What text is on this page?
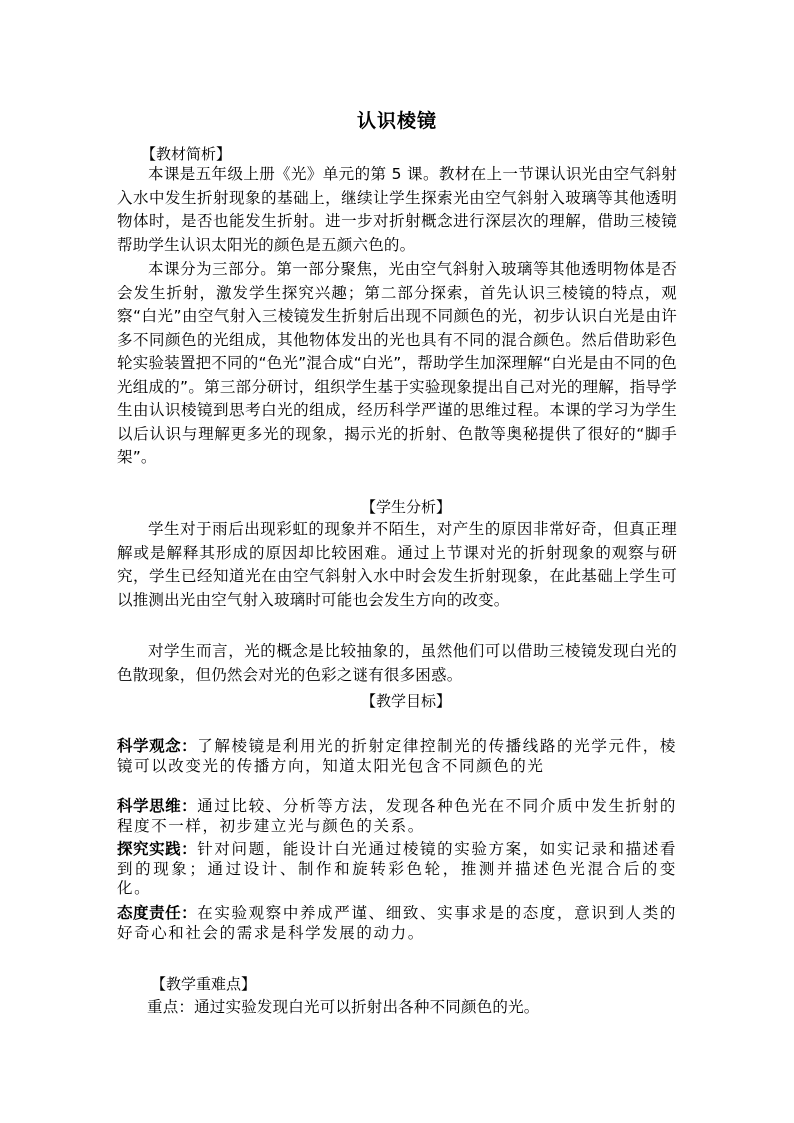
认识棱镜
【教材简析】
本课是五年级上册《光》单元的第 5 课。教材在上一节课认识光由空气斜射入水中发生折射现象的基础上，继续让学生探索光由空气斜射入玻璃等其他透明物体时，是否也能发生折射。进一步对折射概念进行深层次的理解，借助三棱镜帮助学生认识太阳光的颜色是五颜六色的。
本课分为三部分。第一部分聚焦，光由空气斜射入玻璃等其他透明物体是否会发生折射，激发学生探究兴趣；第二部分探索，首先认识三棱镜的特点，观察“白光”由空气射入三棱镜发生折射后出现不同颜色的光，初步认识白光是由许多不同颜色的光组成，其他物体发出的光也具有不同的混合颜色。然后借助彩色轮实验装置把不同的“色光”混合成“白光”，帮助学生加深理解“白光是由不同的色光组成的”。第三部分研讨，组织学生基于实验现象提出自己对光的理解，指导学生由认识棱镜到思考白光的组成，经历科学严谨的思维过程。本课的学习为学生以后认识与理解更多光的现象，揭示光的折射、色散等奥秘提供了很好的“脚手架”。
【学生分析】
学生对于雨后出现彩虹的现象并不陌生，对产生的原因非常好奇，但真正理解或是解释其形成的原因却比较困难。通过上节课对光的折射现象的观察与研究，学生已经知道光在由空气斜射入水中时会发生折射现象，在此基础上学生可以推测出光由空气射入玻璃时可能也会发生方向的改变。
对学生而言，光的概念是比较抽象的，虽然他们可以借助三棱镜发现白光的色散现象，但仍然会对光的色彩之谜有很多困惑。
【教学目标】
科学观念：了解棱镜是利用光的折射定律控制光的传播线路的光学元件，棱镜可以改变光的传播方向，知道太阳光包含不同颜色的光
科学思维：通过比较、分析等方法，发现各种色光在不同介质中发生折射的程度不一样，初步建立光与颜色的关系。
探究实践：针对问题，能设计白光通过棱镜的实验方案，如实记录和描述看到的现象；通过设计、制作和旋转彩色轮，推测并描述色光混合后的变化。
态度责任：在实验观察中养成严谨、细致、实事求是的态度，意识到人类的好奇心和社会的需求是科学发展的动力。
【教学重难点】
重点：通过实验发现白光可以折射出各种不同颜色的光。
